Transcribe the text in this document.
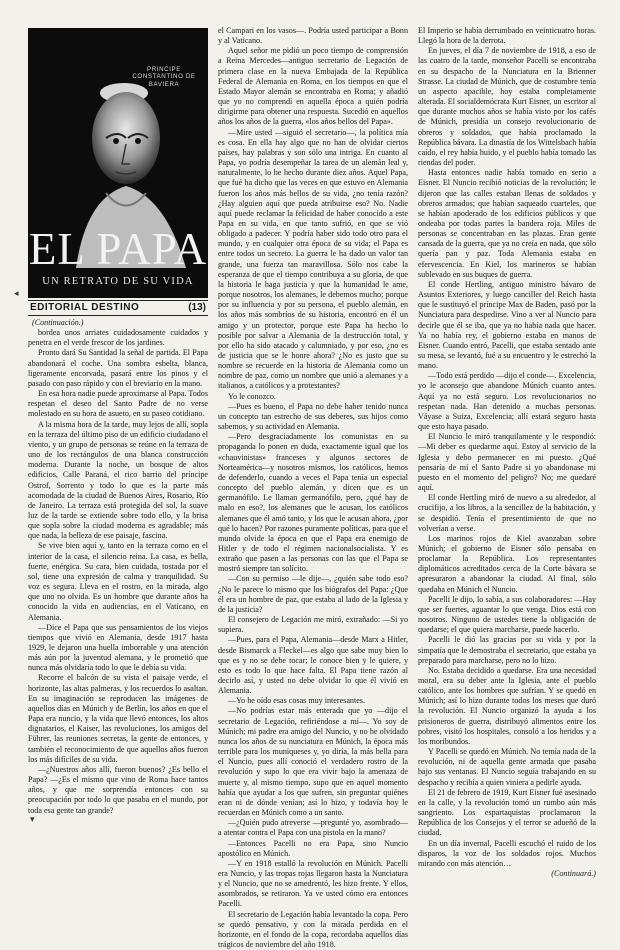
PRINCIPE CONSTANTINO DE BAVIERA
EL PAPA
UN RETRATO DE SU VIDA
EDITORIAL DESTINO	(13)
◂
▾

(Continuación.)

bordea unos arriates cuidadosamente cuidados y penetra en el verde frescor de los jardines.

Pronto dará Su Santidad la señal de partida. El Papa abandonará el coche. Una sombra esbelta, blanca, ligeramente encorvada, pasará entre los pinos y el pasado con paso rápido y con el breviario en la mano.

En esa hora nadie puede aproximarse al Papa. Todos respetan el deseo del Santo Padre de no verse molestado en su hora de asueto, en su paseo cotidiano.

A la misma hora de la tarde, muy lejos de allí, sopla en la terraza del último piso de un edificio ciudadano el viento, y un grupo de personas se reúne en la terraza de uno de los rectángulos de una blanca construcción moderna. Durante la noche, un bosque de altos edificios, Calle Paraná, el rico barrio del príncipe Ostrof, Sorrento y todo lo que es la parte más acomodada de la ciudad de Buenos Aires, Rosario, Río de Janeiro. La terraza está protegida del sol, la suave luz de la tarde se extiende sobre todo ello, y la brisa que sopla sobre la ciudad moderna es agradable; más que nada, la belleza de ese paisaje, fascina.

Se vive bien aquí y, tanto en la terraza como en el interior de la casa, el silencio reina. La casa, es bella, fuerte, enérgica. Su cara, bien cuidada, tostada por el sol, tiene una expresión de calma y tranquilidad. Su voz es segura. Lleva en el rostro, en la mirada, algo que uno no olvida. Es un hombre que durante años ha conocido la vida en audiencias, en el Vaticano, en Alemania.

—Dice el Papa que sus pensamientos de los viejos tiempos que vivió en Alemania, desde 1917 hasta 1929, le dejaron una huella imborrable y una atención más aún por la juventud alemana, y le prometió que nunca más olvidaría todo lo que le debía su vida.

Recorre el balcón de su vista el paisaje verde, el horizonte, las altas palmeras, y los recuerdos lo asaltan. En su imaginación se reproducen las imágenes de aquellos días en Múnich y de Berlín, los años en que el Papa era nuncio, y la vida que llevó entonces, los altos dignatarios, el Kaiser, las revoluciones, los amigos del Führer, las reuniones secretas, la gente de entonces, y también el reconocimiento de que aquellos años fueron los más difíciles de su vida.

—¿Nuestros años allí, fueron buenos? ¿Es bello el Papa? —¿Es el mismo que vino de Roma hace tantos años, y que me sorprendía entonces con su preocupación por todo lo que pasaba en el mundo, por toda esa gente tan grande?

el Campari en los vasos—. Podría usted participar a Bonn y al Vaticano.

Aquel señor me pidió un poco tiempo de comprensión a Reina Mercedes—antiguo secretario de Legación de primera clase en la nueva Embajada de la República Federal de Alemania en Roma, en los tiempos en que el Estado Mayor alemán se encontraba en Roma; y añadió que yo no comprendí en aquella época a quién podría dirigirme para obtener una respuesta. Sucedió en aquellos años los años de la guerra, «los años bellos del Papa».

—Mire usted —siguió el secretario—, la política mía es cosa. En ella hay algo que no han de olvidar ciertos países, hay palabras y son sólo una intriga. En cuanto al Papa, yo podría desempeñar la tarea de un alemán leal y, naturalmente, lo he hecho durante diez años. Aquel Papa, que fué ha dicho que las veces en que estuvo en Alemania fueron los años más bellos de su vida, ¿no tenía razón? ¿Hay alguien aquí que pueda atribuirse eso? No. Nadie aquí puede reclamar la felicidad de haber conocido a este Papa en su vida, en que tanto sufrió, en que se vió obligado a padecer. Y podría haber sido todo otro para el mundo, y en cualquier otra época de su vida; el Papa es entre todos un secreto. La guerra le ha dado un valor tan grande, una fuerza tan maravillosa. Sólo nos cabe la esperanza de que el tiempo contribuya a su gloria, de que la historia le haga justicia y que la humanidad le ame, porque nosotros, los alemanes, le debemos mucho; porque por su influencia y por su persona, el pueblo alemán, en los años más sombríos de su historia, encontró en él un amigo y un protector, porque este Papa ha hecho lo posible por salvar a Alemania de la destrucción total, y por ello ha sido atacado y calumniado, y por eso, ¿no es de justicia que se le honre ahora? ¿No es justo que su nombre se recuerde en la historia de Alemania como un nombre de paz, como un nombre que unió a alemanes y a italianos, a católicos y a protestantes?

Yo le conozco.

—Pues es bueno, el Papa no debe haber tenido nunca un concepto tan estrecho de sus deberes, sus hijos como sabemos, y su actividad en Alemania.

—Pero desgraciadamente los comunistas en su propaganda lo ponen en duda, exactamente igual que los «chauvinistas» franceses y algunos sectores de Norteamérica—y nosotros mismos, los católicos, hemos de defenderlo, cuando a veces el Papa tenía un especial concepto del pueblo alemán, y dicen que es un germanófilo. Le llaman germanófilo, pero, ¿qué hay de malo en eso?, los alemanes que le acusan, los católicos alemanes que él amó tanto, y los que le acusan ahora, ¿por qué lo hacen? Por razones puramente políticas, para que el mundo olvide la época en que el Papa era enemigo de Hitler y de todo el régimen nacionalsocialista. Y es extraño que pasen a las personas con las que el Papa se mostró siempre tan solícito.

—Con su permiso —le dije—, ¿quién sabe todo eso? ¿No le parece lo mismo que los biógrafos del Papa: ¿Que él era un hombre de paz, que estaba al lado de la Iglesia y de la justicia?

El consejero de Legación me miró, extrañado: —Si yo supiera.

—Pues, para el Papa, Alemania—desde Marx a Hitler, desde Bismarck a Fleckel—es algo que sabe muy bien lo que es y no se debe tocar; le conoce bien y le quiere, y esto es todo lo que hace falta. El Papa tiene razón al decirlo así, y usted no debe olvidar lo que él vivió en Alemania.

—Yo he oído esas cosas muy interesantes.

—No podrías estar más enterada que yo —dijo el secretario de Legación, refiriéndose a mí—. Yo soy de Múnich; mi padre era amigo del Nuncio, y no he olvidado nunca los años de su nunciatura en Múnich, la época más terrible para los muniqueses y, yo diría, la más bella para el Nuncio, pues allí conoció el verdadero rostro de la revolución y supo lo que era vivir bajo la amenaza de muerte y, al mismo tiempo, supo que en aquel momento había que ayudar a los que sufren, sin preguntar quiénes eran ni de dónde venían; así lo hizo, y todavía hoy le recuerdan en Múnich como a un santo.

—¿Quién pudo atreverse —pregunté yo, asombrado— a atentar contra el Papa con una pistola en la mano?

—Entonces Pacelli no era Papa, sino Nuncio apostólico en Múnich.

—Y en 1918 estalló la revolución en Múnich. Pacelli era Nuncio, y las tropas rojas llegaron hasta la Nunciatura y el Nuncio, que no se amedrentó, les hizo frente. Y ellos, asombrados, se retiraron. Ya ve usted cómo era entonces Pacelli.

El secretario de Legación había levantado la copa. Pero se quedó pensativo, y con la mirada perdida en el horizonte, en el fondo de la copa, recordaba aquellos días trágicos de noviembre del año 1918.

El Imperio se había derrumbado en veinticuatro horas. Llegó la hora de la derrota.

En jueves, el día 7 de noviembre de 1918, a eso de las cuatro de la tarde, monseñor Pacelli se encontraba en su despacho de la Nunciatura en la Brienner Strasse. La ciudad de Múnich, que de costumbre tenía un aspecto apacible, hoy estaba completamente alterada. El socialdemócrata Kurt Eisner, un escritor al que durante muchos años se había visto por los cafés de Múnich, presidía un consejo revolucionario de obreros y soldados, que había proclamado la República bávara. La dinastía de los Wittelsbach había caído, el rey había huido, y el pueblo había tomado las riendas del poder.

Hasta entonces nadie había tomado en serio a Eisner. El Nuncio recibió noticias de la revolución; le dijeron que las calles estaban llenas de soldados y obreros armados; que habían saqueado cuarteles, que se habían apoderado de los edificios públicos y que ondeaba por todas partes la bandera roja. Miles de personas se concentraban en las plazas. Eran gente cansada de la guerra, que ya no creía en nada, que sólo quería pan y paz. Toda Alemania estaba en efervescencia. En Kiel, los marineros se habían sublevado en sus buques de guerra.

El conde Hertling, antiguo ministro bávaro de Asuntos Exteriores, y luego canciller del Reich hasta que le sustituyó el príncipe Max de Baden, pasó por la Nunciatura para despedirse. Vino a ver al Nuncio para decirle que él se iba, que ya no había nada que hacer. Ya no había rey, el gobierno estaba en manos de Eisner. Cuando entró, Pacelli, que estaba sentado ante su mesa, se levantó, fué a su encuentro y le estrechó la mano.

—Todo está perdido —dijo el conde—. Excelencia, yo le aconsejo que abandone Múnich cuanto antes. Aquí ya no está seguro. Los revolucionarios no respetan nada. Han detenido a muchas personas. Váyase a Suiza, Excelencia; allí estará seguro hasta que esto haya pasado.

El Nuncio le miró tranquilamente y le respondió: —Mi deber es quedarme aquí. Estoy al servicio de la Iglesia y debo permanecer en mi puesto. ¿Qué pensaría de mí el Santo Padre si yo abandonase mi puesto en el momento del peligro? No; me quedaré aquí.

El conde Hertling miró de nuevo a su alrededor, al crucifijo, a los libros, a la sencillez de la habitación, y se despidió. Tenía el presentimiento de que no volverían a verse.

Los marinos rojos de Kiel avanzaban sobre Múnich; el gobierno de Eisner sólo pensaba en proclamar la República. Los representantes diplomáticos acreditados cerca de la Corte bávara se apresuraron a abandonar la ciudad. Al final, sólo quedaba en Múnich el Nuncio.

Pacelli le dijo, lo sabía, a sus colaboradores: —Hay que ser fuertes, aguantar lo que venga. Dios está con nosotros. Ninguno de ustedes tiene la obligación de quedarse; el que quiera marcharse, puede hacerlo.

Pacelli le dió las gracias por su vida y por la simpatía que le demostraba el secretario, que estaba ya preparado para marcharse, pero no lo hizo.

No. Estaba decidido a quedarse. Era una necesidad moral, era su deber ante la Iglesia, ante el pueblo católico, ante los hombres que sufrían. Y se quedó en Múnich; así lo hizo durante todos los meses que duró la revolución. El Nuncio organizó la ayuda a los prisioneros de guerra, distribuyó alimentos entre los pobres, visitó los hospitales, consoló a los heridos y a los moribundos.

Y Pacelli se quedó en Múnich. No temía nada de la revolución, ni de aquella gente armada que pasaba bajo sus ventanas. El Nuncio seguía trabajando en su despacho y recibía a quien viniera a pedirle ayuda.

El 21 de febrero de 1919, Kurt Eisner fué asesinado en la calle, y la revolución tomó un rumbo aún más sangriento. Los espartaquistas proclamaron la República de los Consejos y el terror se adueñó de la ciudad.

En un día invernal, Pacelli escuchó el ruido de los disparos, la voz de los soldados rojos. Muchos mirando con más atención…

(Continuará.)
